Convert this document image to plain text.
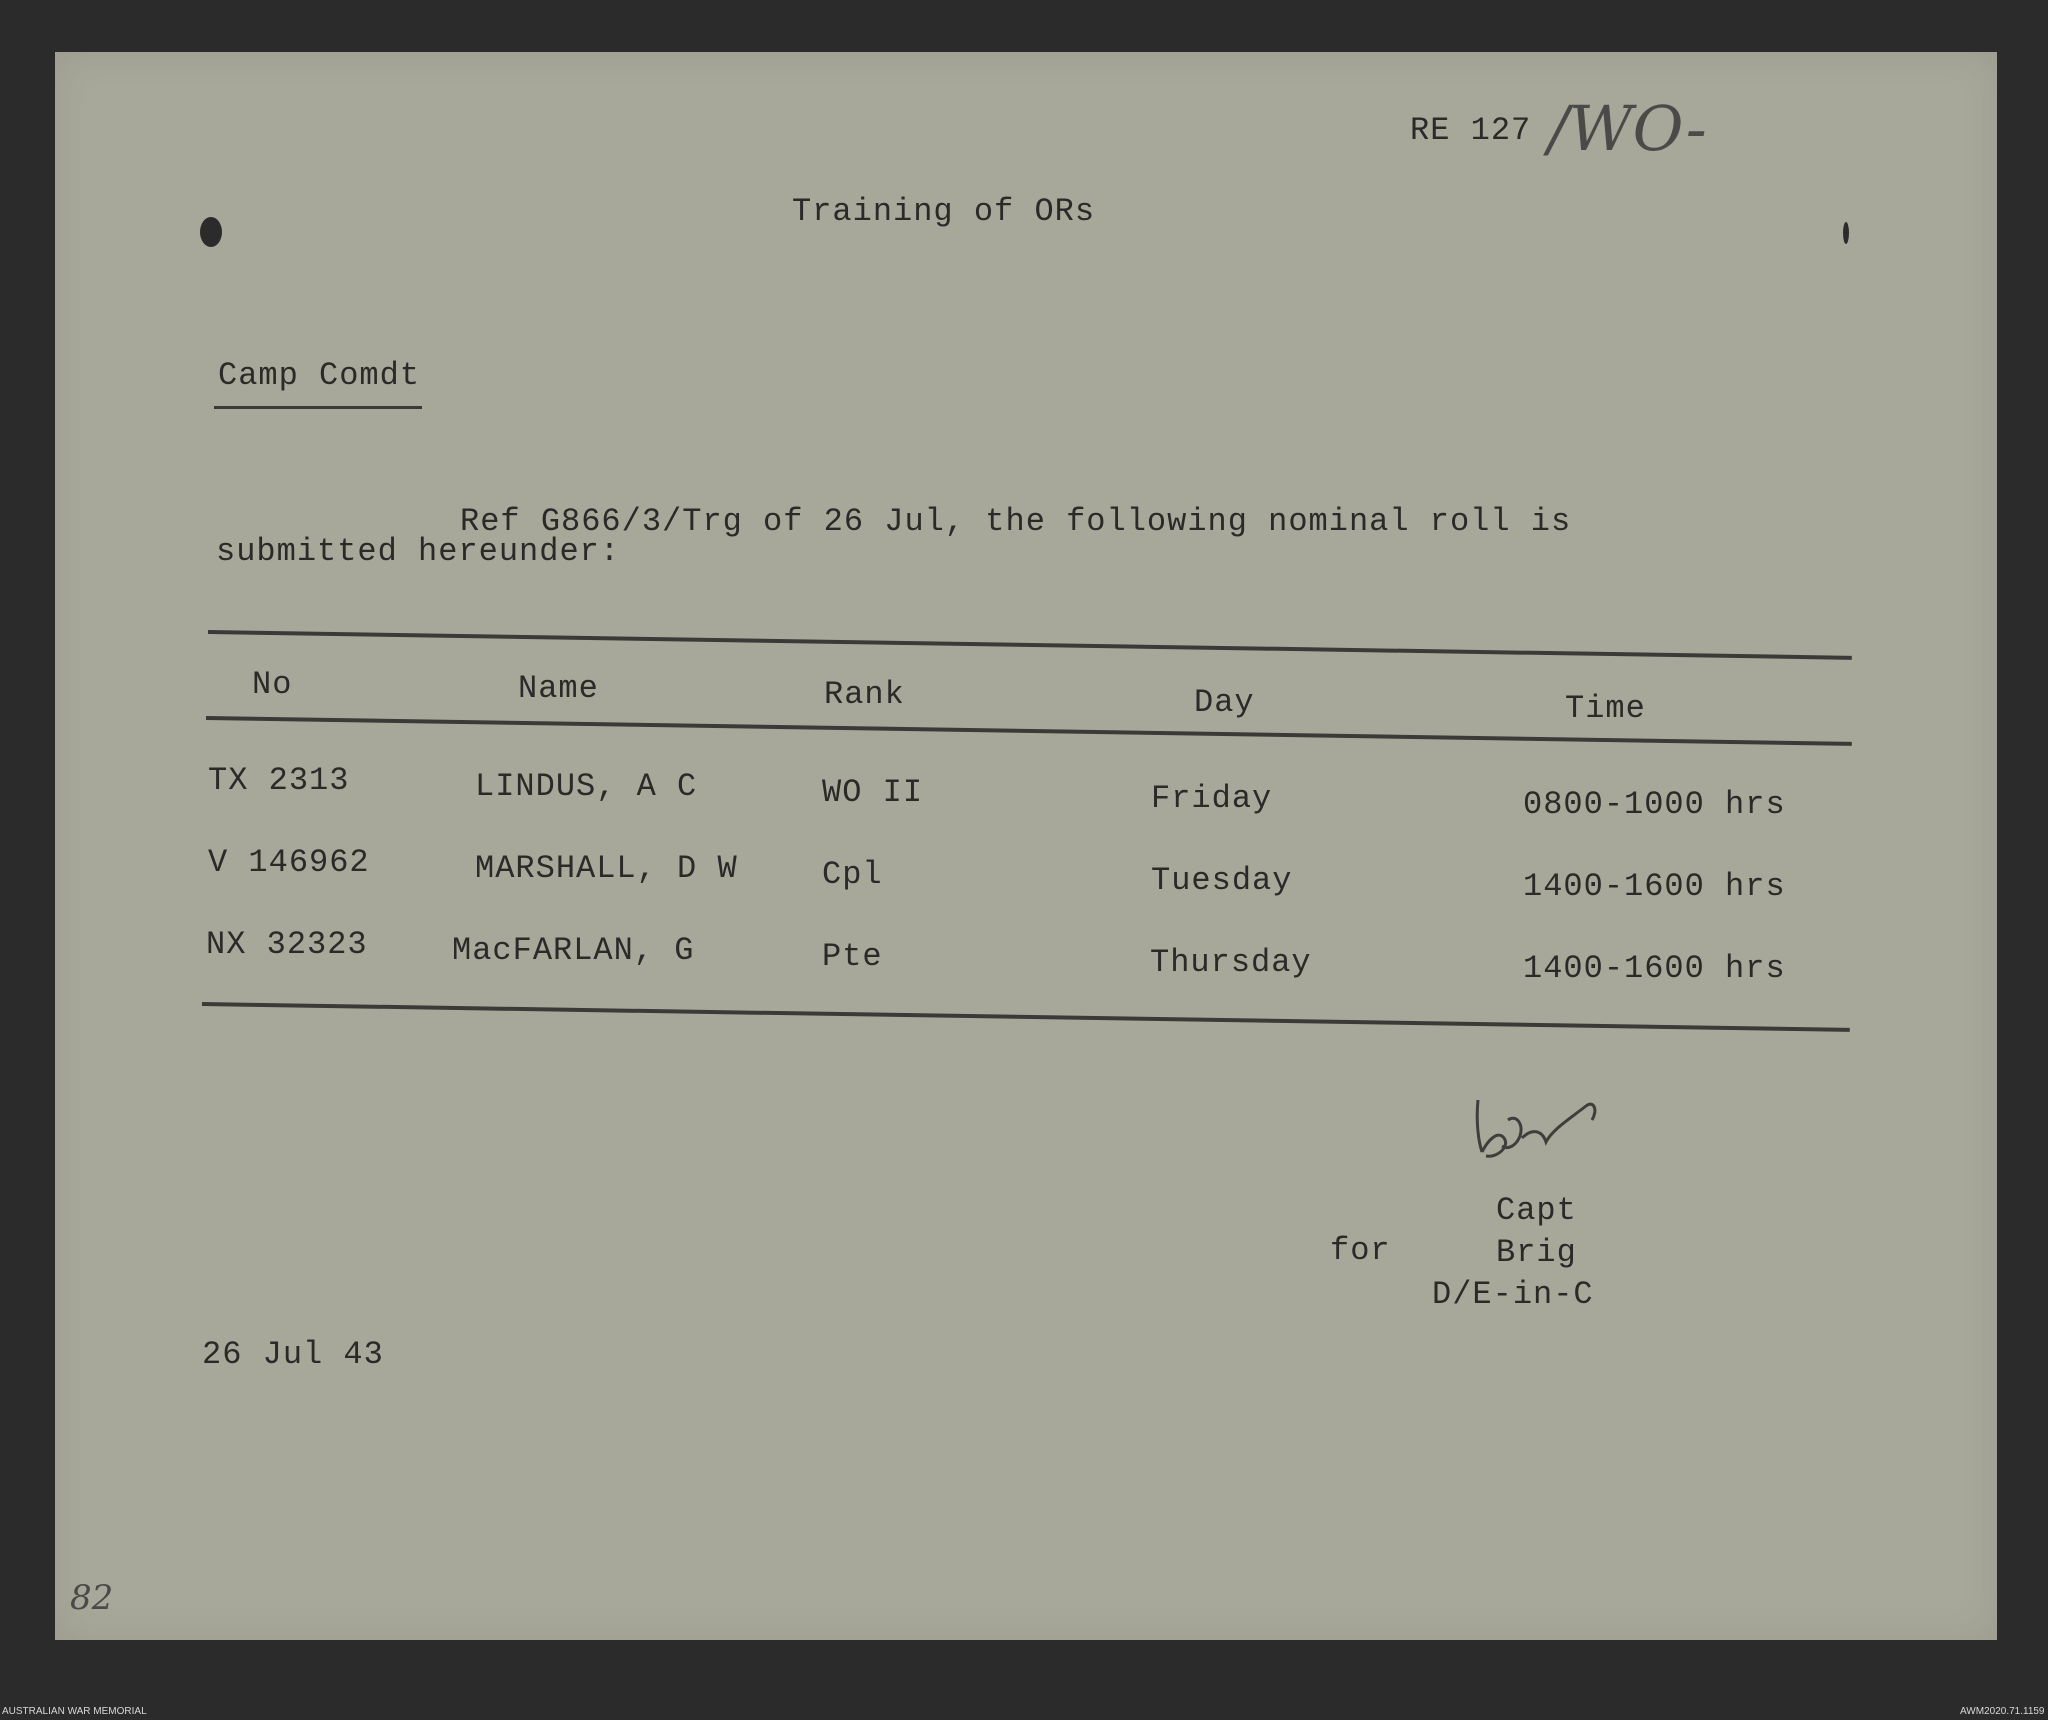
RE 127 /WO-
Training of ORs
Camp Comdt
Ref G866/3/Trg of 26 Jul, the following nominal roll is
submitted hereunder:
No	Name	Rank	Day	Time
TX 2313	LINDUS, A C	WO II	Friday	0800-1000 hrs
V 146962	MARSHALL, D W	Cpl	Tuesday	1400-1600 hrs
NX 32323	MacFARLAN, G	Pte	Thursday	1400-1600 hrs
Capt
for	Brig
D/E-in-C
26 Jul 43
82
AUSTRALIAN WAR MEMORIAL	AWM2020.71.1159
